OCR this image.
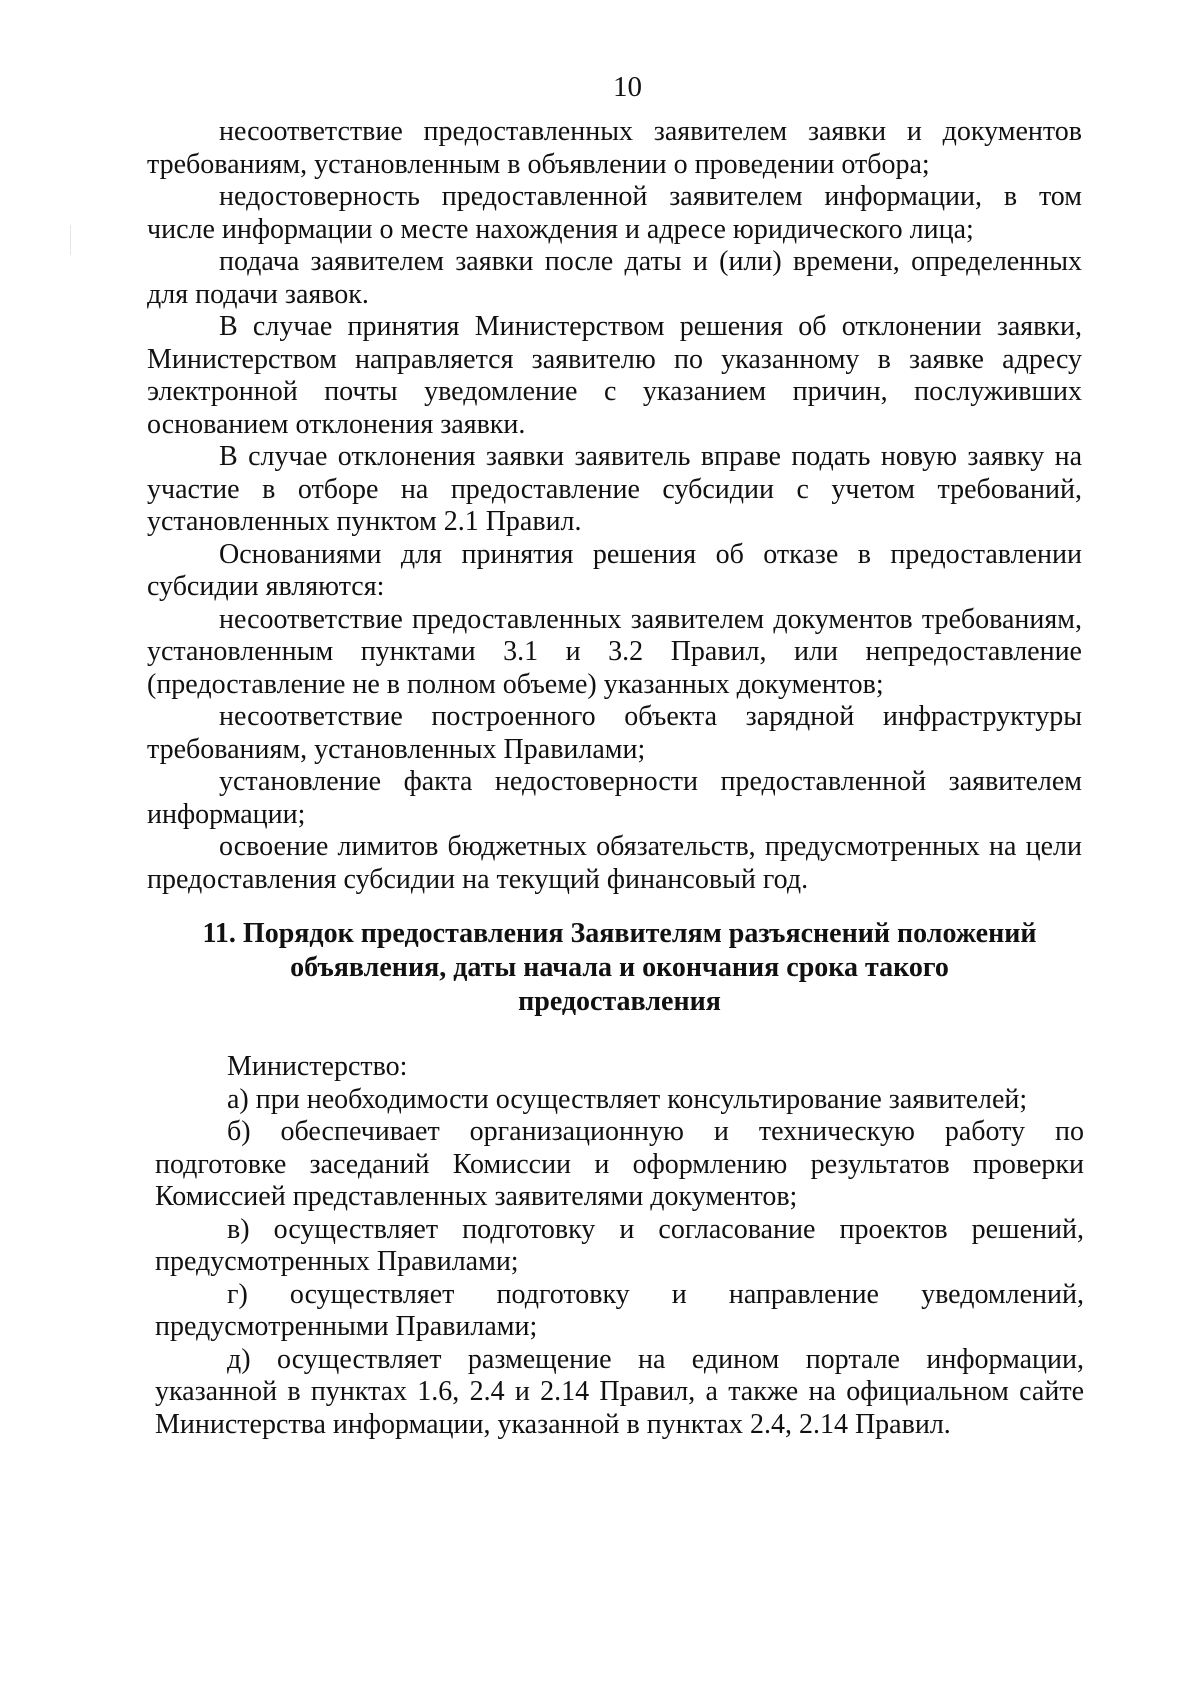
10

несоответствие предоставленных заявителем заявки и документов требованиям, установленным в объявлении о проведении отбора;

недостоверность предоставленной заявителем информации, в том числе информации о месте нахождения и адресе юридического лица;

подача заявителем заявки после даты и (или) времени, определенных для подачи заявок.

В случае принятия Министерством решения об отклонении заявки, Министерством направляется заявителю по указанному в заявке адресу электронной почты уведомление с указанием причин, послуживших основанием отклонения заявки.

В случае отклонения заявки заявитель вправе подать новую заявку на участие в отборе на предоставление субсидии с учетом требований, установленных пунктом 2.1 Правил.

Основаниями для принятия решения об отказе в предоставлении субсидии являются:

несоответствие предоставленных заявителем документов требованиям, установленным пунктами 3.1 и 3.2 Правил, или непредоставление (предоставление не в полном объеме) указанных документов;

несоответствие построенного объекта зарядной инфраструктуры требованиям, установленных Правилами;

установление факта недостоверности предоставленной заявителем информации;

освоение лимитов бюджетных обязательств, предусмотренных на цели предоставления субсидии на текущий финансовый год.

11. Порядок предоставления Заявителям разъяснений положений
объявления, даты начала и окончания срока такого
предоставления

Министерство:

а) при необходимости осуществляет консультирование заявителей;

б) обеспечивает организационную и техническую работу по подготовке заседаний Комиссии и оформлению результатов проверки Комиссией представленных заявителями документов;

в) осуществляет подготовку и согласование проектов решений, предусмотренных Правилами;

г) осуществляет подготовку и направление уведомлений, предусмотренными Правилами;

д) осуществляет размещение на едином портале информации, указанной в пунктах 1.6, 2.4 и 2.14 Правил, а также на официальном сайте Министерства информации, указанной в пунктах 2.4, 2.14 Правил.
